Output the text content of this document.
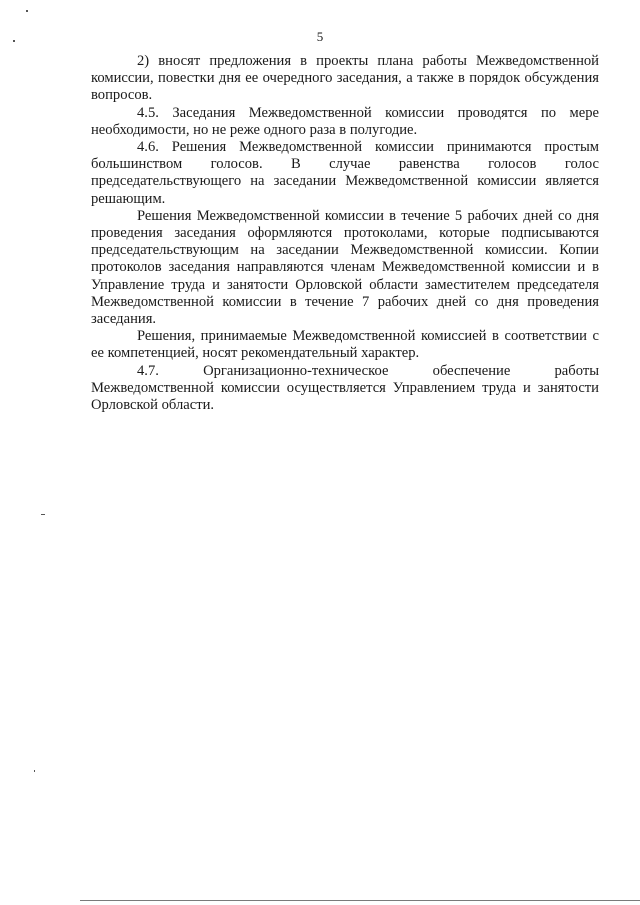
5

2) вносят предложения в проекты плана работы Межведомственной комиссии, повестки дня ее очередного заседания, а также в порядок обсуждения вопросов.

4.5. Заседания Межведомственной комиссии проводятся по мере необходимости, но не реже одного раза в полугодие.

4.6. Решения Межведомственной комиссии принимаются простым большинством голосов. В случае равенства голосов голос председательствующего на заседании Межведомственной комиссии является решающим.

Решения Межведомственной комиссии в течение 5 рабочих дней со дня проведения заседания оформляются протоколами, которые подписываются председательствующим на заседании Межведомственной комиссии. Копии протоколов заседания направляются членам Межведомственной комиссии и в Управление труда и занятости Орловской области заместителем председателя Межведомственной комиссии в течение 7 рабочих дней со дня проведения заседания.

Решения, принимаемые Межведомственной комиссией в соответствии с ее компетенцией, носят рекомендательный характер.

4.7. Организационно-техническое обеспечение работы Межведомственной комиссии осуществляется Управлением труда и занятости Орловской области.
